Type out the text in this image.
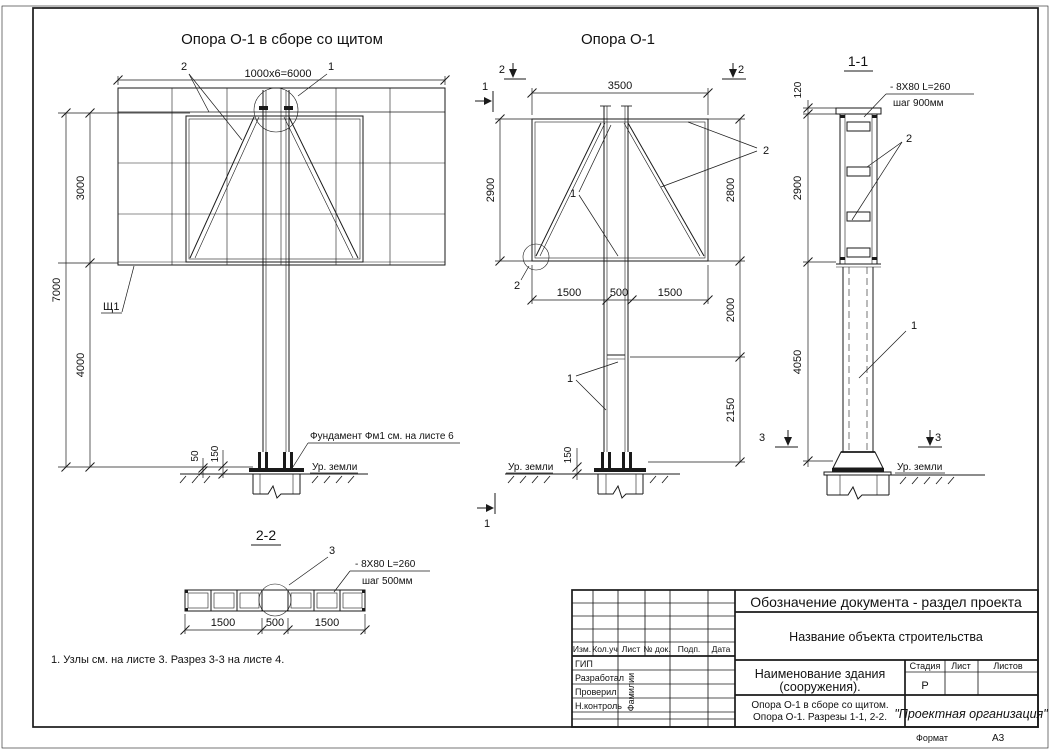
Опора О-1 в сборе со щитом
1000х6=6000
7000
3000
4000
50 150
2	1
Щ1
Фундамент Фм1 см. на листе 6
Ур. земли
Опора О-1
3500
2900	2800
2000
2150
1500	500	1500
150
2	2
1
1
1
2
2
1
Ур. земли
1-1
120
2900
4050
- 8Х80 L=260
шаг 900мм
2
1
3	3
Ур. земли
2-2
3
- 8Х80 L=260
шаг 500мм
1500	500	1500
1. Узлы см. на листе 3. Разрез 3-3 на листе 4.
Изм. Кол.уч Лист № док. Подп. Дата
ГИП
Разработал
Проверил
Н.контроль Фамилии
Обозначение документа - раздел проекта
Название объекта строительства
Наименование здания
(сооружения).
Стадия Лист	Листов
Р
Опора О-1 в сборе со щитом.
Опора О-1. Разрезы 1-1, 2-2. "Проектная организация"
Формат	А3
